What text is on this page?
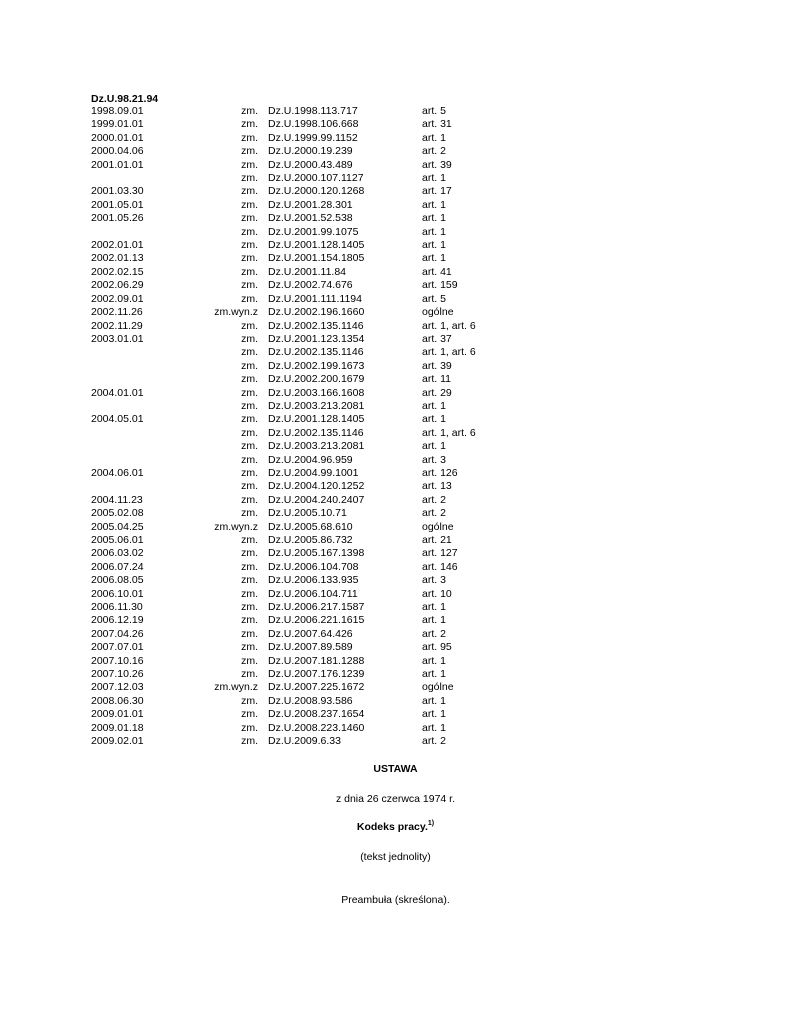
Dz.U.98.21.94
1998.09.01	zm.	Dz.U.1998.113.717	art. 5
1999.01.01	zm.	Dz.U.1998.106.668	art. 31
2000.01.01	zm.	Dz.U.1999.99.1152	art. 1
2000.04.06	zm.	Dz.U.2000.19.239	art. 2
2001.01.01	zm.	Dz.U.2000.43.489	art. 39
	zm.	Dz.U.2000.107.1127	art. 1
2001.03.30	zm.	Dz.U.2000.120.1268	art. 17
2001.05.01	zm.	Dz.U.2001.28.301	art. 1
2001.05.26	zm.	Dz.U.2001.52.538	art. 1
	zm.	Dz.U.2001.99.1075	art. 1
2002.01.01	zm.	Dz.U.2001.128.1405	art. 1
2002.01.13	zm.	Dz.U.2001.154.1805	art. 1
2002.02.15	zm.	Dz.U.2001.11.84	art. 41
2002.06.29	zm.	Dz.U.2002.74.676	art. 159
2002.09.01	zm.	Dz.U.2001.111.1194	art. 5
2002.11.26	zm.wyn.z	Dz.U.2002.196.1660	ogólne
2002.11.29	zm.	Dz.U.2002.135.1146	art. 1, art. 6
2003.01.01	zm.	Dz.U.2001.123.1354	art. 37
	zm.	Dz.U.2002.135.1146	art. 1, art. 6
	zm.	Dz.U.2002.199.1673	art. 39
	zm.	Dz.U.2002.200.1679	art. 11
2004.01.01	zm.	Dz.U.2003.166.1608	art. 29
	zm.	Dz.U.2003.213.2081	art. 1
2004.05.01	zm.	Dz.U.2001.128.1405	art. 1
	zm.	Dz.U.2002.135.1146	art. 1, art. 6
	zm.	Dz.U.2003.213.2081	art. 1
	zm.	Dz.U.2004.96.959	art. 3
2004.06.01	zm.	Dz.U.2004.99.1001	art. 126
	zm.	Dz.U.2004.120.1252	art. 13
2004.11.23	zm.	Dz.U.2004.240.2407	art. 2
2005.02.08	zm.	Dz.U.2005.10.71	art. 2
2005.04.25	zm.wyn.z	Dz.U.2005.68.610	ogólne
2005.06.01	zm.	Dz.U.2005.86.732	art. 21
2006.03.02	zm.	Dz.U.2005.167.1398	art. 127
2006.07.24	zm.	Dz.U.2006.104.708	art. 146
2006.08.05	zm.	Dz.U.2006.133.935	art. 3
2006.10.01	zm.	Dz.U.2006.104.711	art. 10
2006.11.30	zm.	Dz.U.2006.217.1587	art. 1
2006.12.19	zm.	Dz.U.2006.221.1615	art. 1
2007.04.26	zm.	Dz.U.2007.64.426	art. 2
2007.07.01	zm.	Dz.U.2007.89.589	art. 95
2007.10.16	zm.	Dz.U.2007.181.1288	art. 1
2007.10.26	zm.	Dz.U.2007.176.1239	art. 1
2007.12.03	zm.wyn.z	Dz.U.2007.225.1672	ogólne
2008.06.30	zm.	Dz.U.2008.93.586	art. 1
2009.01.01	zm.	Dz.U.2008.237.1654	art. 1
2009.01.18	zm.	Dz.U.2008.223.1460	art. 1
2009.02.01	zm.	Dz.U.2009.6.33	art. 2
USTAWA
z dnia 26 czerwca 1974 r.
Kodeks pracy.$^{1)}$
(tekst jednolity)
Preambuła (skreślona).
